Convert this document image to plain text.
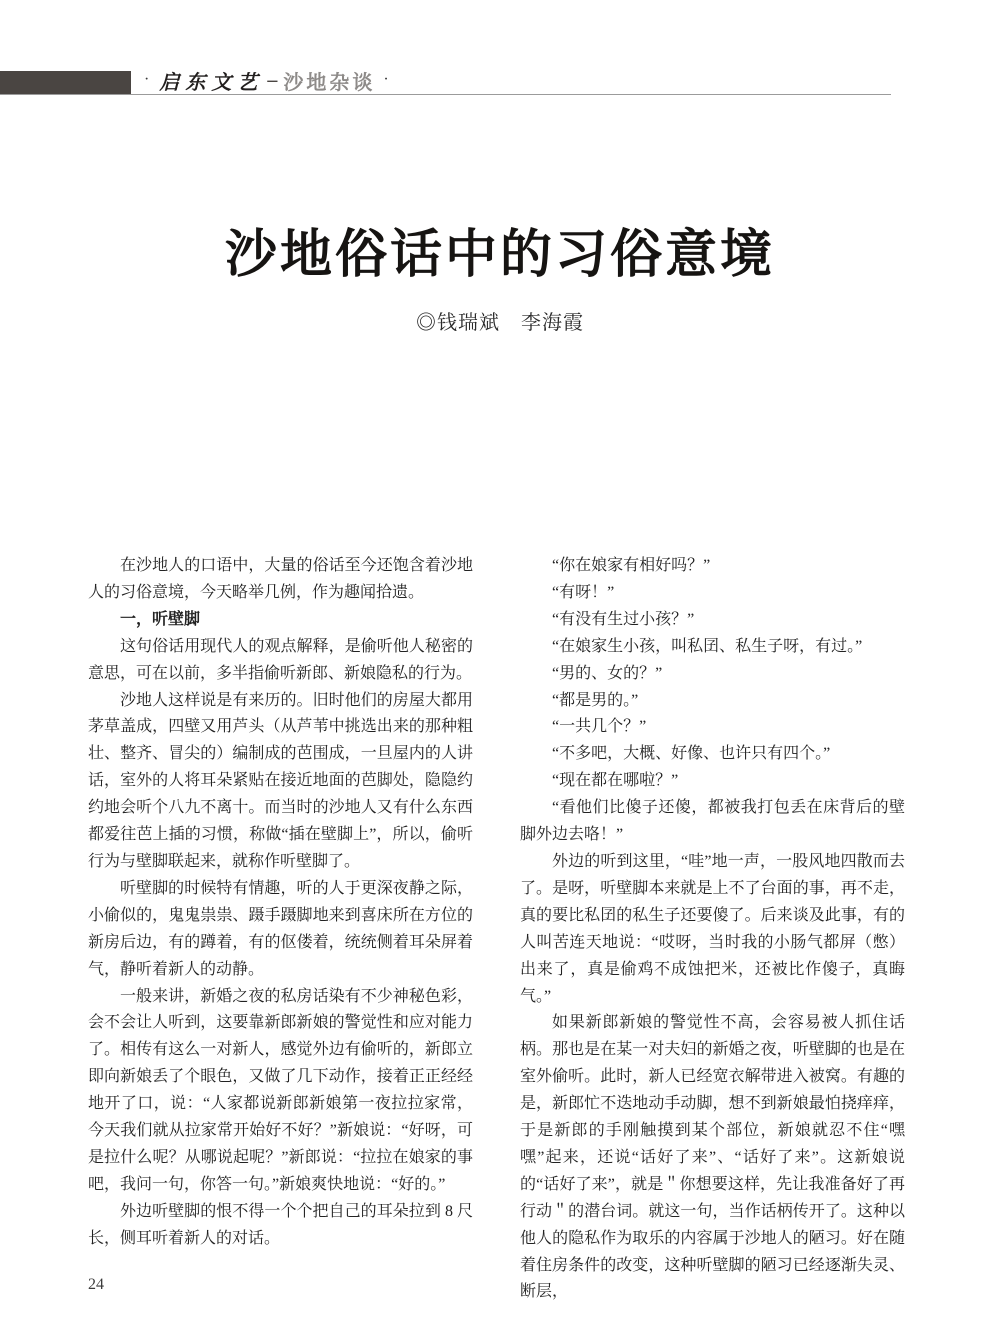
· 启东文艺 – 沙地杂谈 ·
沙地俗话中的习俗意境
◎钱瑞斌　李海霞

在沙地人的口语中，大量的俗话至今还饱含着沙地人的习俗意境，今天略举几例，作为趣闻拾遗。

一，听壁脚

这句俗话用现代人的观点解释，是偷听他人秘密的意思，可在以前，多半指偷听新郎、新娘隐私的行为。

沙地人这样说是有来历的。旧时他们的房屋大都用茅草盖成，四壁又用芦头（从芦苇中挑选出来的那种粗壮、整齐、冒尖的）编制成的芭围成，一旦屋内的人讲话，室外的人将耳朵紧贴在接近地面的芭脚处，隐隐约约地会听个八九不离十。而当时的沙地人又有什么东西都爱往芭上插的习惯，称做“插在壁脚上”，所以，偷听行为与壁脚联起来，就称作听壁脚了。

听壁脚的时候特有情趣，听的人于更深夜静之际，小偷似的，鬼鬼祟祟、蹑手蹑脚地来到喜床所在方位的新房后边，有的蹲着，有的伛偻着，统统侧着耳朵屏着气，静听着新人的动静。

一般来讲，新婚之夜的私房话染有不少神秘色彩，会不会让人听到，这要靠新郎新娘的警觉性和应对能力了。相传有这么一对新人，感觉外边有偷听的，新郎立即向新娘丢了个眼色，又做了几下动作，接着正正经经地开了口，说：“人家都说新郎新娘第一夜拉拉家常，今天我们就从拉家常开始好不好？”新娘说：“好呀，可是拉什么呢？从哪说起呢？”新郎说：“拉拉在娘家的事吧，我问一句，你答一句。”新娘爽快地说：“好的。”

外边听壁脚的恨不得一个个把自己的耳朵拉到 8 尺长，侧耳听着新人的对话。

“你在娘家有相好吗？”

“有呀！”

“有没有生过小孩？”

“在娘家生小孩，叫私囝、私生子呀，有过。”

“男的、女的？”

“都是男的。”

“一共几个？”

“不多吧，大概、好像、也许只有四个。”

“现在都在哪啦？”

“看他们比傻子还傻，都被我打包丢在床背后的壁脚外边去咯！”

外边的听到这里，“哇”地一声，一股风地四散而去了。是呀，听壁脚本来就是上不了台面的事，再不走，真的要比私囝的私生子还要傻了。后来谈及此事，有的人叫苦连天地说：“哎呀，当时我的小肠气都屏（憋）出来了，真是偷鸡不成蚀把米，还被比作傻子，真晦气。”

如果新郎新娘的警觉性不高，会容易被人抓住话柄。那也是在某一对夫妇的新婚之夜，听壁脚的也是在室外偷听。此时，新人已经宽衣解带进入被窝。有趣的是，新郎忙不迭地动手动脚，想不到新娘最怕挠痒痒，于是新郎的手刚触摸到某个部位，新娘就忍不住“嘿嘿”起来，还说“话好了来”、“话好了来”。这新娘说的“话好了来”，就是＂你想要这样，先让我准备好了再行动＂的潜台词。就这一句，当作话柄传开了。这种以他人的隐私作为取乐的内容属于沙地人的陋习。好在随着住房条件的改变，这种听壁脚的陋习已经逐渐失灵、断层，

24
